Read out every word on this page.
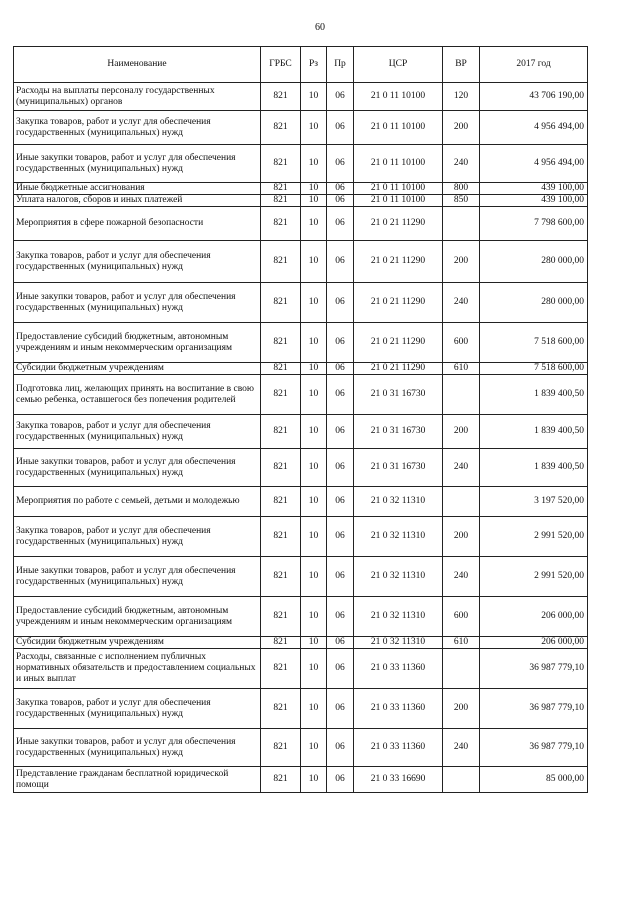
60
Наименование	ГРБС	Рз	Пр	ЦСР	ВР	2017 год
Расходы на выплаты персоналу государственных (муниципальных) органов	821	10	06	21 0 11 10100	120	43 706 190,00
Закупка товаров, работ и услуг для обеспечения государственных (муниципальных) нужд	821	10	06	21 0 11 10100	200	4 956 494,00
Иные закупки товаров, работ и услуг для обеспечения государственных (муниципальных) нужд	821	10	06	21 0 11 10100	240	4 956 494,00
Иные бюджетные ассигнования	821	10	06	21 0 11 10100	800	439 100,00
Уплата налогов, сборов и иных платежей	821	10	06	21 0 11 10100	850	439 100,00
Мероприятия в сфере пожарной безопасности	821	10	06	21 0 21 11290		7 798 600,00
Закупка товаров, работ и услуг для обеспечения государственных (муниципальных) нужд	821	10	06	21 0 21 11290	200	280 000,00
Иные закупки товаров, работ и услуг для обеспечения государственных (муниципальных) нужд	821	10	06	21 0 21 11290	240	280 000,00
Предоставление субсидий бюджетным, автономным учреждениям и иным некоммерческим организациям	821	10	06	21 0 21 11290	600	7 518 600,00
Субсидии бюджетным учреждениям	821	10	06	21 0 21 11290	610	7 518 600,00
Подготовка лиц, желающих принять на воспитание в свою семью ребенка, оставшегося без попечения родителей	821	10	06	21 0 31 16730		1 839 400,50
Закупка товаров, работ и услуг для обеспечения государственных (муниципальных) нужд	821	10	06	21 0 31 16730	200	1 839 400,50
Иные закупки товаров, работ и услуг для обеспечения государственных (муниципальных) нужд	821	10	06	21 0 31 16730	240	1 839 400,50
Мероприятия по работе с семьей, детьми и молодежью	821	10	06	21 0 32 11310		3 197 520,00
Закупка товаров, работ и услуг для обеспечения государственных (муниципальных) нужд	821	10	06	21 0 32 11310	200	2 991 520,00
Иные закупки товаров, работ и услуг для обеспечения государственных (муниципальных) нужд	821	10	06	21 0 32 11310	240	2 991 520,00
Предоставление субсидий бюджетным, автономным учреждениям и иным некоммерческим организациям	821	10	06	21 0 32 11310	600	206 000,00
Субсидии бюджетным учреждениям	821	10	06	21 0 32 11310	610	206 000,00
Расходы, связанные с исполнением публичных нормативных обязательств и предоставлением социальных и иных выплат	821	10	06	21 0 33 11360		36 987 779,10
Закупка товаров, работ и услуг для обеспечения государственных (муниципальных) нужд	821	10	06	21 0 33 11360	200	36 987 779,10
Иные закупки товаров, работ и услуг для обеспечения государственных (муниципальных) нужд	821	10	06	21 0 33 11360	240	36 987 779,10
Представление гражданам бесплатной юридической помощи	821	10	06	21 0 33 16690		85 000,00
